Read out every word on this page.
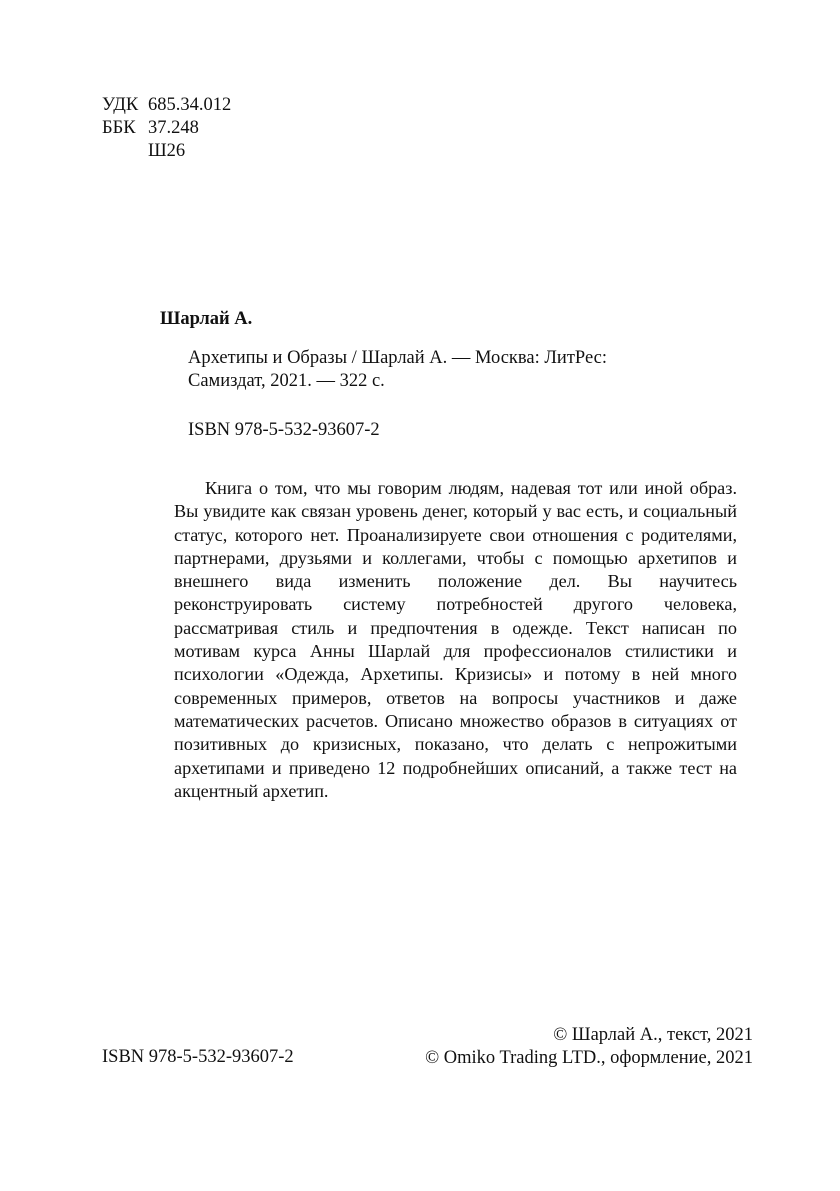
УДК 685.34.012
ББК 37.248
Ш26
Шарлай А.
Архетипы и Образы / Шарлай А. — Москва: ЛитРес:
Самиздат, 2021. — 322 с.
ISBN 978-5-532-93607-2

Книга о том, что мы говорим людям, надевая тот или иной образ. Вы увидите как связан уровень денег, который у вас есть, и социальный статус, которого нет. Проанализируете свои отношения с родителями, партнерами, друзьями и коллегами, чтобы с помощью архетипов и внешнего вида изменить положение дел. Вы научитесь реконструировать систему потребностей другого человека, рассматривая стиль и предпочтения в одежде. Текст написан по мотивам курса Анны Шарлай для профессионалов стилистики и психологии «Одежда, Архетипы. Кризисы» и потому в ней много современных примеров, ответов на вопросы участников и даже математических расчетов. Описано множество образов в ситуациях от позитивных до кризисных, показано, что делать с непрожитыми архетипами и приведено 12 подробнейших описаний, а также тест на акцентный архетип.

ISBN 978-5-532-93607-2
© Шарлай А., текст, 2021
© Omiko Trading LTD., оформление, 2021
